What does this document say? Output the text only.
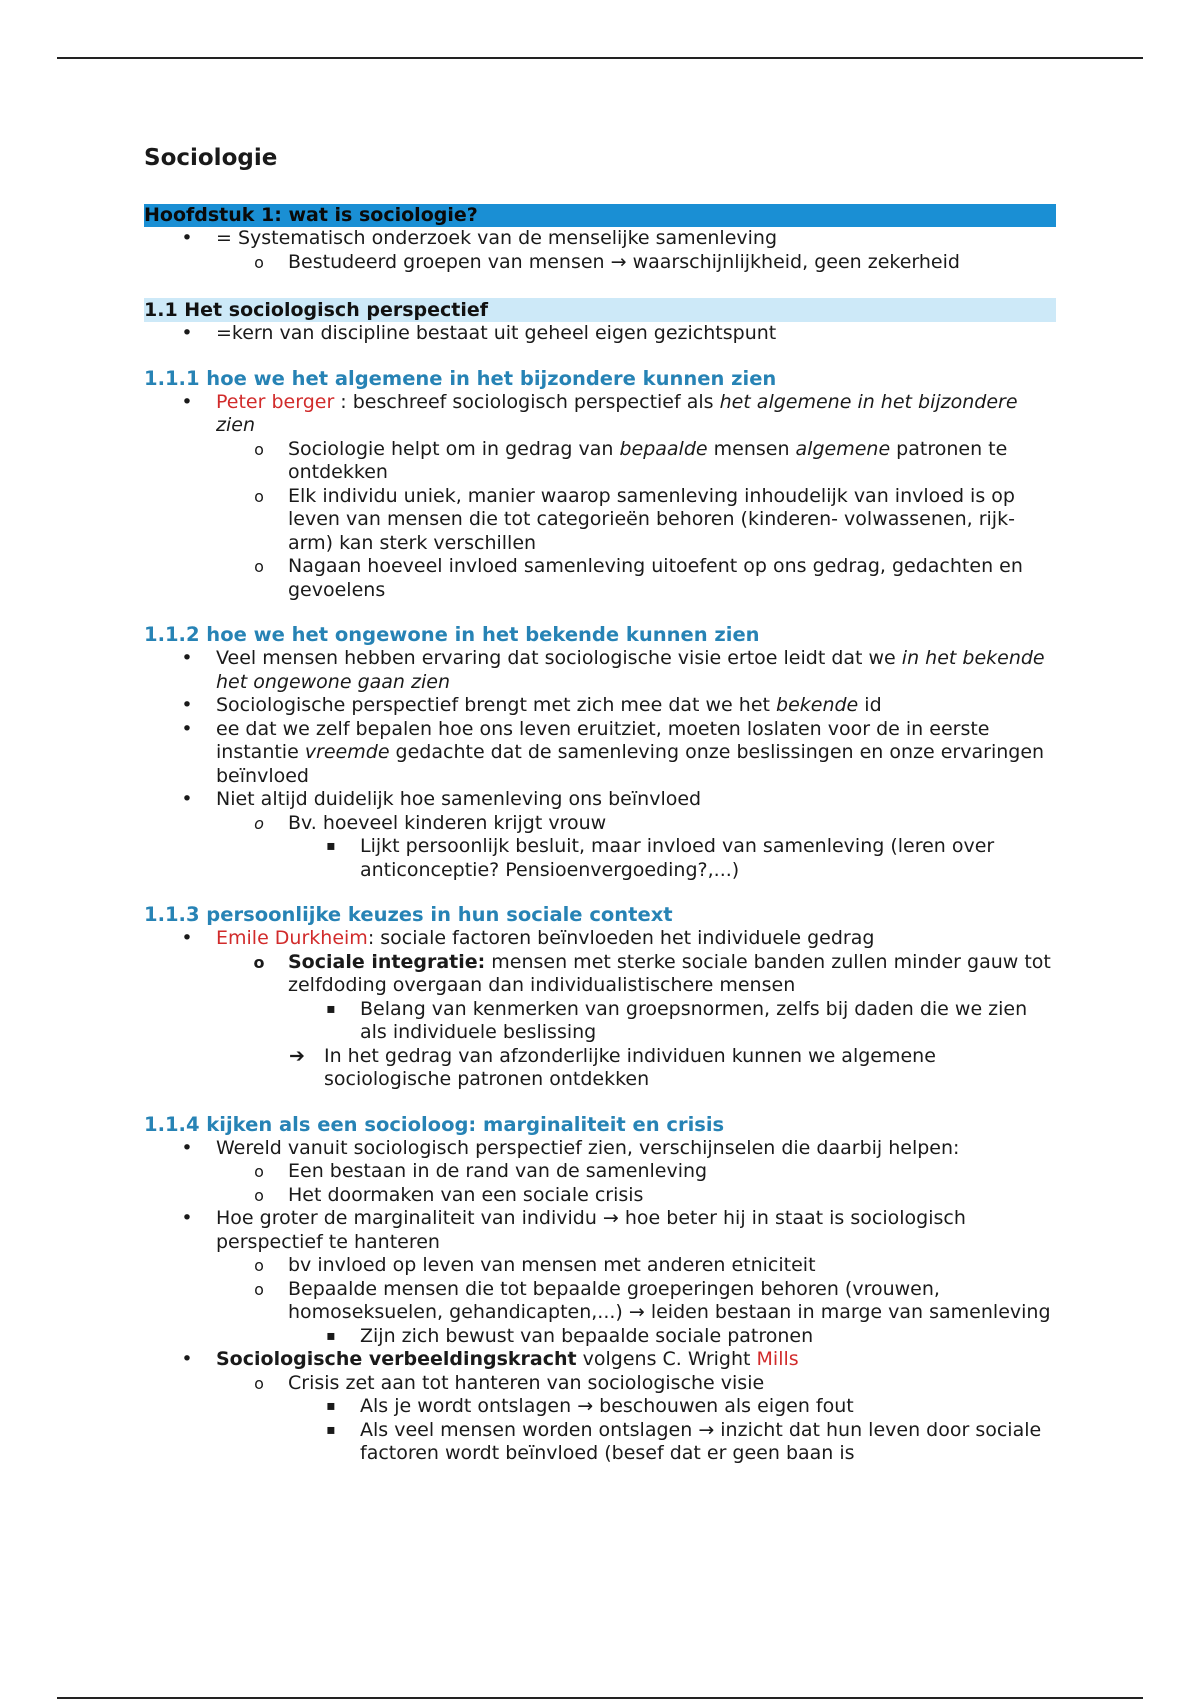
Sociologie
Hoofdstuk 1: wat is sociologie?
• = Systematisch onderzoek van de menselijke samenleving
o Bestudeerd groepen van mensen → waarschijnlijkheid, geen zekerheid
1.1 Het sociologisch perspectief
• =kern van discipline bestaat uit geheel eigen gezichtspunt
1.1.1 hoe we het algemene in het bijzondere kunnen zien
• Peter berger : beschreef sociologisch perspectief als het algemene in het bijzondere zien
o Sociologie helpt om in gedrag van bepaalde mensen algemene patronen te ontdekken
o Elk individu uniek, manier waarop samenleving inhoudelijk van invloed is op leven van mensen die tot categorieën behoren (kinderen- volwassenen, rijk-arm) kan sterk verschillen
o Nagaan hoeveel invloed samenleving uitoefent op ons gedrag, gedachten en gevoelens
1.1.2 hoe we het ongewone in het bekende kunnen zien
• Veel mensen hebben ervaring dat sociologische visie ertoe leidt dat we in het bekende het ongewone gaan zien
• Sociologische perspectief brengt met zich mee dat we het bekende id
• ee dat we zelf bepalen hoe ons leven eruitziet, moeten loslaten voor de in eerste instantie vreemde gedachte dat de samenleving onze beslissingen en onze ervaringen beïnvloed
• Niet altijd duidelijk hoe samenleving ons beïnvloed
o Bv. hoeveel kinderen krijgt vrouw
▪ Lijkt persoonlijk besluit, maar invloed van samenleving (leren over anticonceptie? Pensioenvergoeding?,...)
1.1.3 persoonlijke keuzes in hun sociale context
• Emile Durkheim: sociale factoren beïnvloeden het individuele gedrag
o Sociale integratie: mensen met sterke sociale banden zullen minder gauw tot zelfdoding overgaan dan individualistischere mensen
▪ Belang van kenmerken van groepsnormen, zelfs bij daden die we zien als individuele beslissing
➔ In het gedrag van afzonderlijke individuen kunnen we algemene sociologische patronen ontdekken
1.1.4 kijken als een socioloog: marginaliteit en crisis
• Wereld vanuit sociologisch perspectief zien, verschijnselen die daarbij helpen:
o Een bestaan in de rand van de samenleving
o Het doormaken van een sociale crisis
• Hoe groter de marginaliteit van individu → hoe beter hij in staat is sociologisch perspectief te hanteren
o bv invloed op leven van mensen met anderen etniciteit
o Bepaalde mensen die tot bepaalde groeperingen behoren (vrouwen, homoseksuelen, gehandicapten,...) → leiden bestaan in marge van samenleving
▪ Zijn zich bewust van bepaalde sociale patronen
• Sociologische verbeeldingskracht volgens C. Wright Mills
o Crisis zet aan tot hanteren van sociologische visie
▪ Als je wordt ontslagen → beschouwen als eigen fout
▪ Als veel mensen worden ontslagen → inzicht dat hun leven door sociale factoren wordt beïnvloed (besef dat er geen baan is
